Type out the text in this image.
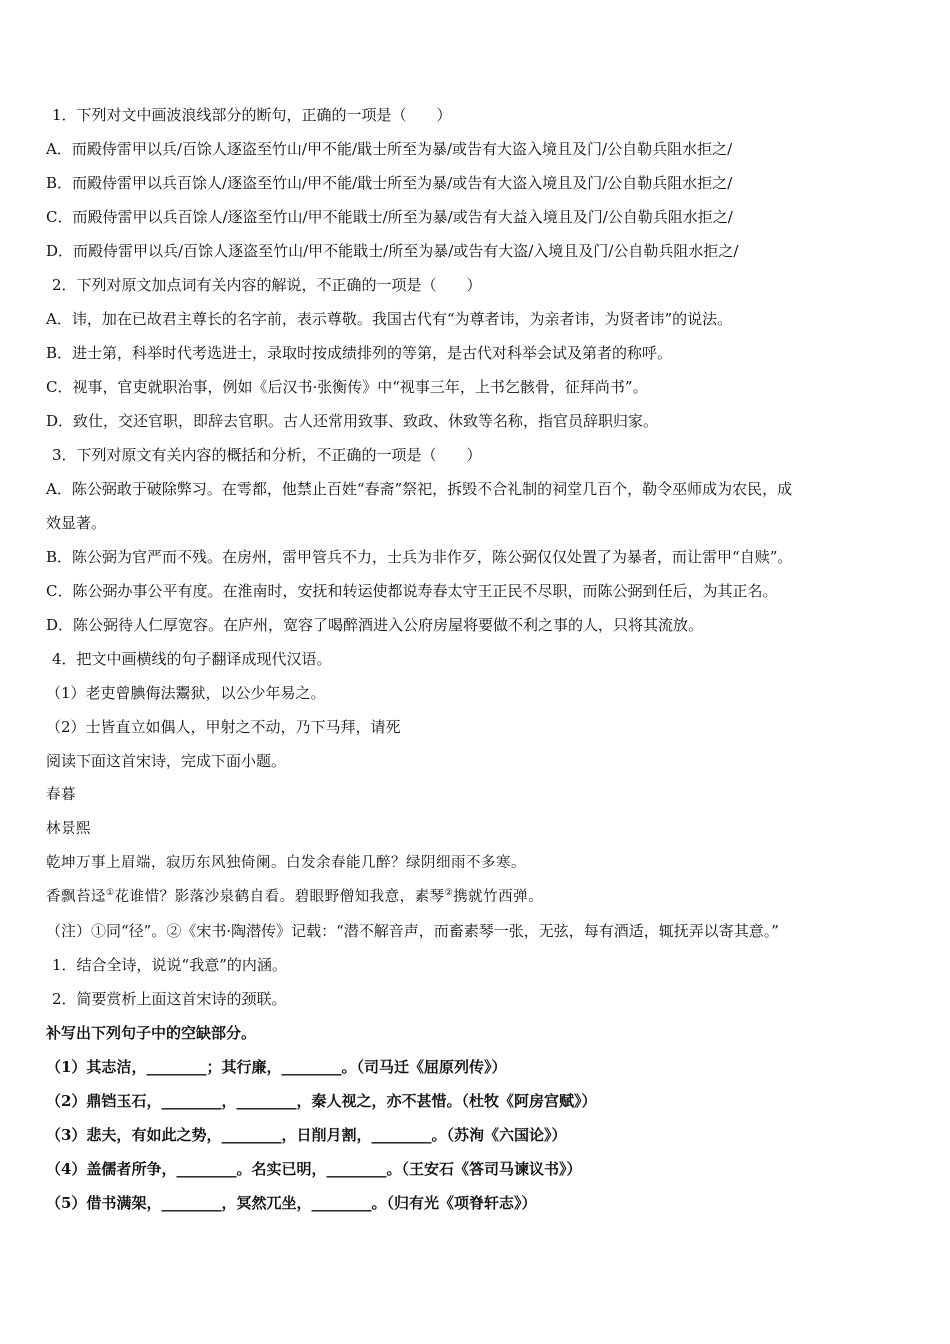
1．下列对文中画波浪线部分的断句，正确的一项是（　　）
A．而殿侍雷甲以兵/百馀人逐盗至竹山/甲不能/戢士所至为暴/或告有大盗入境且及门/公自勒兵阻水拒之/
B．而殿侍雷甲以兵百馀人/逐盗至竹山/甲不能/戢士所至为暴/或告有大盗入境且及门/公自勒兵阻水拒之/
C．而殿侍雷甲以兵百馀人/逐盗至竹山/甲不能戢士/所至为暴/或告有大益入境且及门/公自勒兵阻水拒之/
D．而殿侍雷甲以兵/百馀人逐盗至竹山/甲不能戢士/所至为暴/或告有大盗/入境且及门/公自勒兵阻水拒之/
2．下列对原文加点词有关内容的解说，不正确的一项是（　　）
A．讳，加在已故君主尊长的名字前，表示尊敬。我国古代有“为尊者讳，为亲者讳，为贤者讳”的说法。
B．进士第，科举时代考选进士，录取时按成绩排列的等第，是古代对科举会试及第者的称呼。
C．视事，官吏就职治事，例如《后汉书·张衡传》中“视事三年，上书乞骸骨，征拜尚书”。
D．致仕，交还官职，即辞去官职。古人还常用致事、致政、休致等名称，指官员辞职归家。
3．下列对原文有关内容的概括和分析，不正确的一项是（　　）
A．陈公弼敢于破除弊习。在雩都，他禁止百姓“春斋”祭祀，拆毁不合礼制的祠堂几百个，勒令巫师成为农民，成
效显著。
B．陈公弼为官严而不残。在房州，雷甲管兵不力，士兵为非作歹，陈公弼仅仅处置了为暴者，而让雷甲“自赎”。
C．陈公弼办事公平有度。在淮南时，安抚和转运使都说寿春太守王正民不尽职，而陈公弼到任后，为其正名。
D．陈公弼待人仁厚宽容。在庐州，宽容了喝醉酒进入公府房屋将要做不利之事的人，只将其流放。
4．把文中画横线的句子翻译成现代汉语。
（1）老吏曾腆侮法鬻狱，以公少年易之。
（2）士皆直立如偶人，甲射之不动，乃下马拜，请死
阅读下面这首宋诗，完成下面小题。
春暮
林景熙
乾坤万事上眉端，寂历东风独倚阑。白发余春能几醉？绿阴细雨不多寒。
香飘苔迳①花谁惜？影落沙泉鹤自看。碧眼野僧知我意，素琴②携就竹西弹。
（注）①同“径”。②《宋书·陶潜传》记载：“潜不解音声，而畜素琴一张，无弦，每有酒适，辄抚弄以寄其意。”
1．结合全诗，说说“我意”的内涵。
2．简要赏析上面这首宋诗的颈联。
补写出下列句子中的空缺部分。
（1）其志洁，________；其行廉，________。（司马迁《屈原列传》）
（2）鼎铛玉石，________，________，秦人视之，亦不甚惜。（杜牧《阿房宫赋》）
（3）悲夫，有如此之势，________，日削月割，________。（苏洵《六国论》）
（4）盖儒者所争，________。名实已明，________。（王安石《答司马谏议书》）
（5）借书满架，________，冥然兀坐，________。（归有光《项脊轩志》）
